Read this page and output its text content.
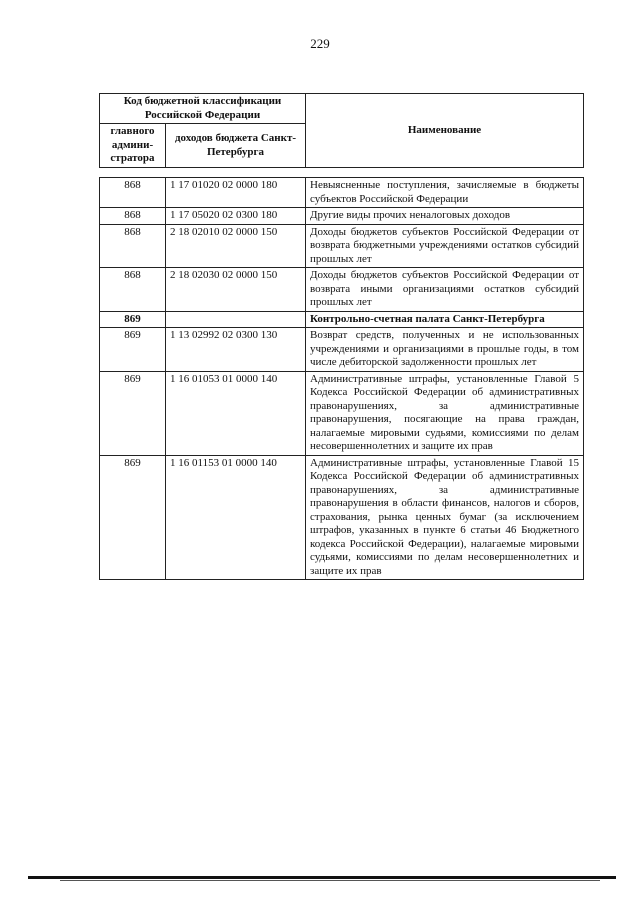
229
Код бюджетной классификации Российской Федерации		Наименование
главного админи-стратора	доходов бюджета Санкт-Петербурга	
868	1 17 01020 02 0000 180	Невыясненные поступления, зачисляемые в бюджеты субъектов Российской Федерации
868	1 17 05020 02 0300 180	Другие виды прочих неналоговых доходов
868	2 18 02010 02 0000 150	Доходы бюджетов субъектов Российской Федерации от возврата бюджетными учреждениями остатков субсидий прошлых лет
868	2 18 02030 02 0000 150	Доходы бюджетов субъектов Российской Федерации от возврата иными организациями остатков субсидий прошлых лет
869		Контрольно-счетная палата Санкт-Петербурга
869	1 13 02992 02 0300 130	Возврат средств, полученных и не использованных учреждениями и организациями в прошлые годы, в том числе дебиторской задолженности прошлых лет
869	1 16 01053 01 0000 140	Административные штрафы, установленные Главой 5 Кодекса Российской Федерации об административных правонарушениях, за административные правонарушения, посягающие на права граждан, налагаемые мировыми судьями, комиссиями по делам несовершеннолетних и защите их прав
869	1 16 01153 01 0000 140	Административные штрафы, установленные Главой 15 Кодекса Российской Федерации об административных правонарушениях, за административные правонарушения в области финансов, налогов и сборов, страхования, рынка ценных бумаг (за исключением штрафов, указанных в пункте 6 статьи 46 Бюджетного кодекса Российской Федерации), налагаемые мировыми судьями, комиссиями по делам несовершеннолетних и защите их прав
